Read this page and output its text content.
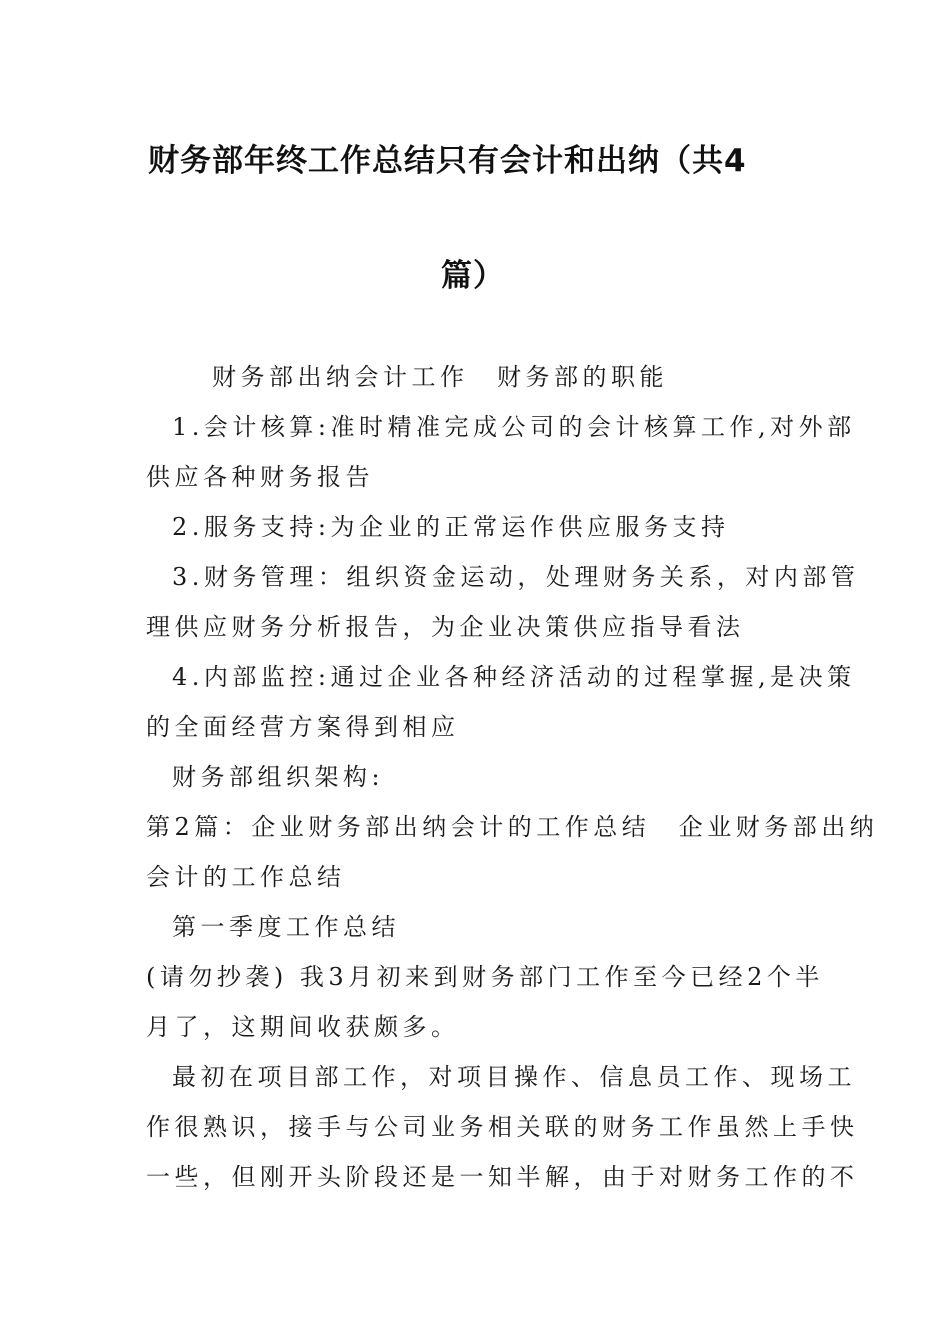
财务部年终工作总结只有会计和出纳（共4
篇）
财务部出纳会计工作　财务部的职能
1.会计核算:准时精准完成公司的会计核算工作,对外部
供应各种财务报告
2.服务支持:为企业的正常运作供应服务支持
3.财务管理：组织资金运动，处理财务关系，对内部管
理供应财务分析报告，为企业决策供应指导看法
4.内部监控:通过企业各种经济活动的过程掌握,是决策
的全面经营方案得到相应
财务部组织架构:
第2篇：企业财务部出纳会计的工作总结　企业财务部出纳
会计的工作总结
第一季度工作总结
(请勿抄袭) 我3月初来到财务部门工作至今已经2个半
月了，这期间收获颇多。
最初在项目部工作，对项目操作、信息员工作、现场工
作很熟识，接手与公司业务相关联的财务工作虽然上手快
一些，但刚开头阶段还是一知半解，由于对财务工作的不
